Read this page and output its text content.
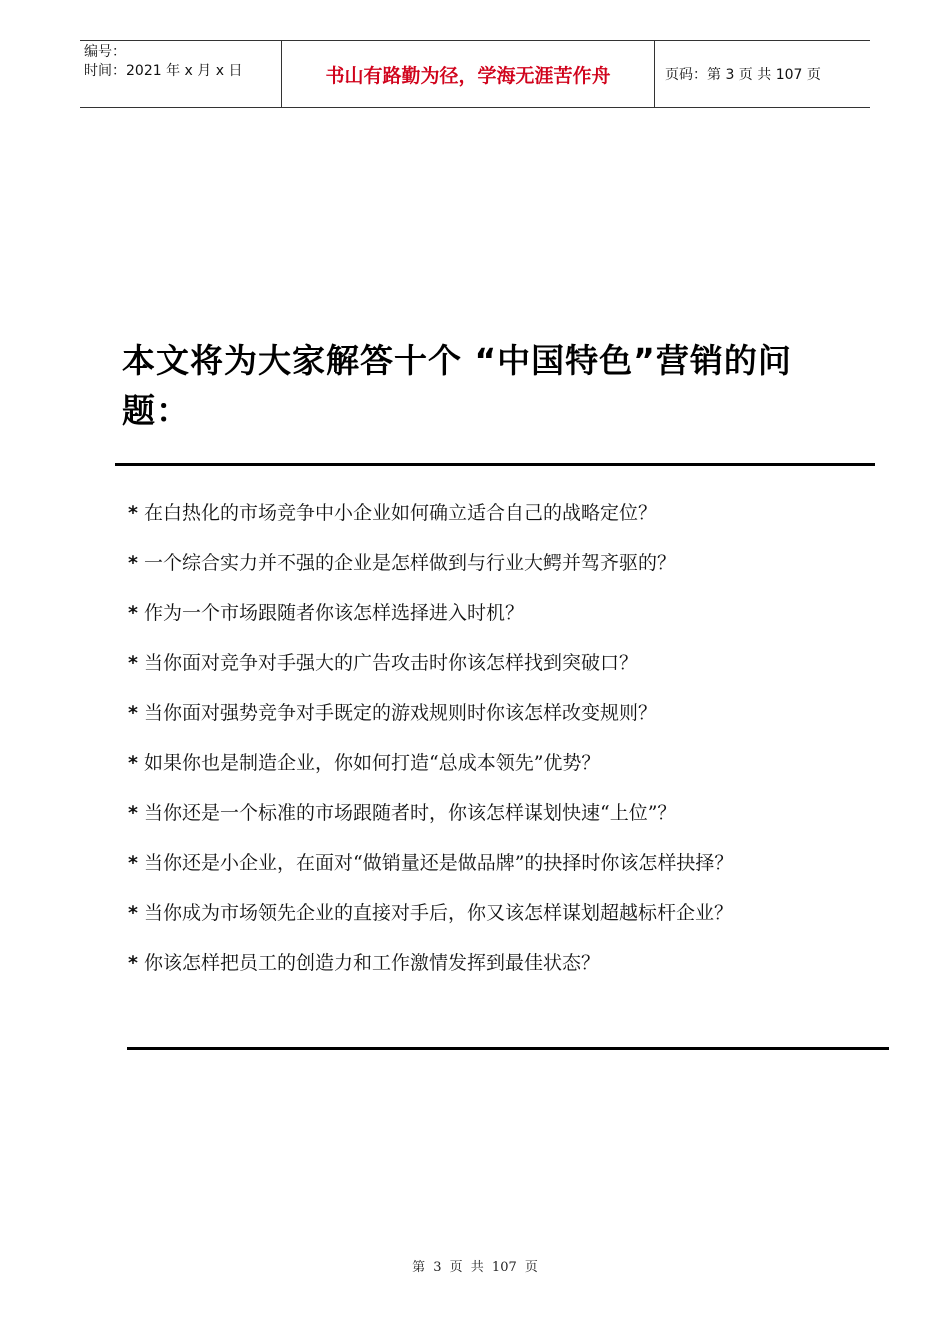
编号：
时间：2021 年 x 月 x 日	书山有路勤为径，学海无涯苦作舟	页码：第 3 页 共 107 页
本文将为大家解答十个 “中国特色”营销的问题：
* 在白热化的市场竞争中小企业如何确立适合自己的战略定位？
* 一个综合实力并不强的企业是怎样做到与行业大鳄并驾齐驱的？
* 作为一个市场跟随者你该怎样选择进入时机？
* 当你面对竞争对手强大的广告攻击时你该怎样找到突破口？
* 当你面对强势竞争对手既定的游戏规则时你该怎样改变规则？
* 如果你也是制造企业，你如何打造“总成本领先”优势？
* 当你还是一个标准的市场跟随者时，你该怎样谋划快速“上位”？
* 当你还是小企业，在面对“做销量还是做品牌”的抉择时你该怎样抉择？
* 当你成为市场领先企业的直接对手后，你又该怎样谋划超越标杆企业？
* 你该怎样把员工的创造力和工作激情发挥到最佳状态？
第 3 页 共 107 页
